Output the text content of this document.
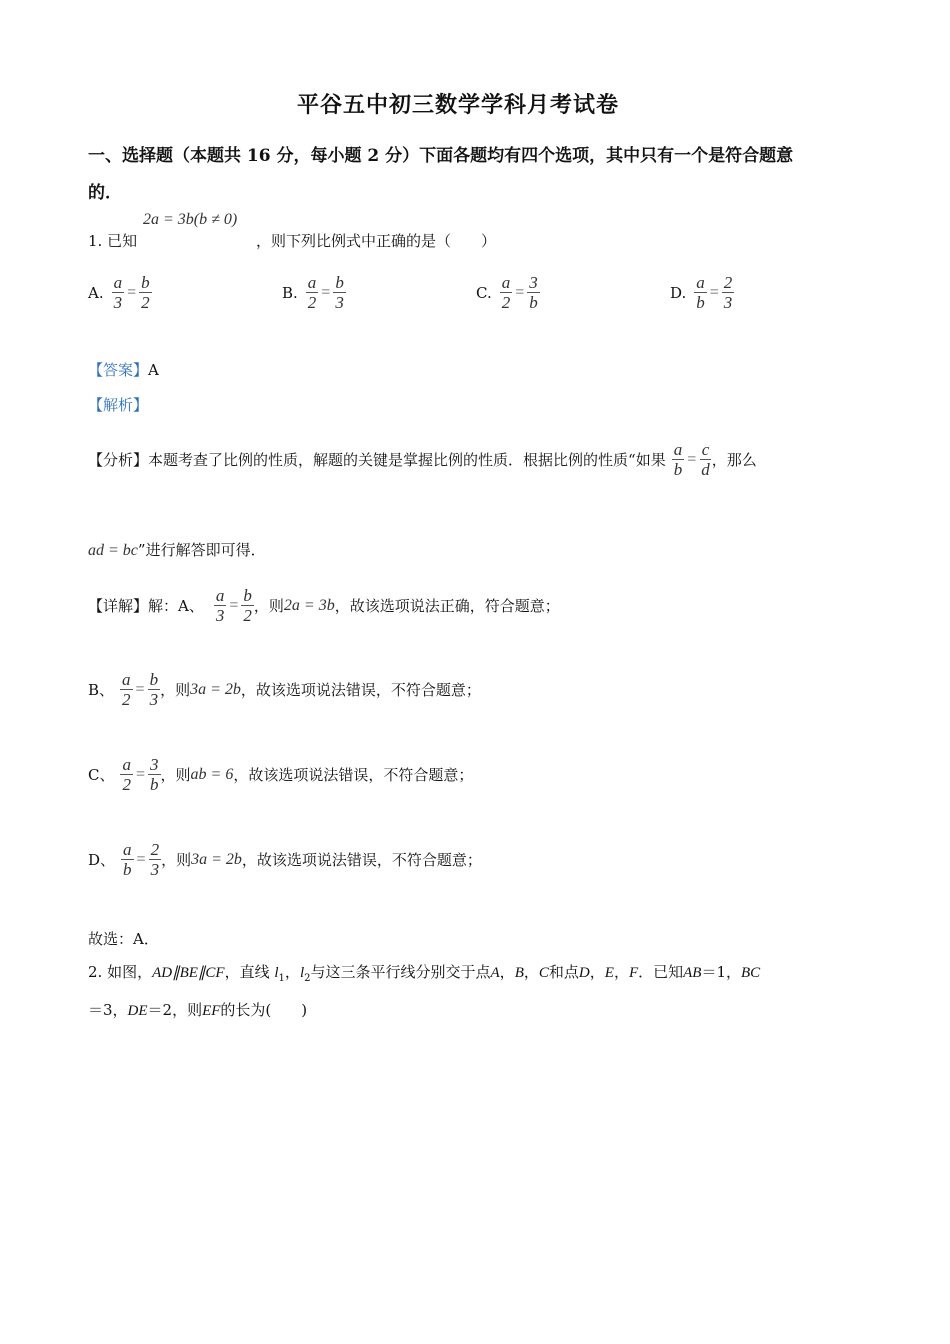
平谷五中初三数学学科月考试卷
一、选择题（本题共 16 分，每小题 2 分）下面各题均有四个选项，其中只有一个是符合题意
的．
2a = 3b(b ≠ 0)
1. 已知	，则下列比例式中正确的是（　　）
A. $\frac{a}{3} = \frac{b}{2}$	B. $\frac{a}{2} = \frac{b}{3}$	C. $\frac{a}{2} = \frac{3}{b}$	D. $\frac{a}{b} = \frac{2}{3}$
【答案】A
【解析】
【分析】 本题考查了比例的性质，解题的关键是掌握比例的性质．根据比例的性质“如果 $\frac{a}{b} = \frac{c}{d}$ ，那么
ad = bc”进行解答即可得．
【详解】 解：A、 $\frac{a}{3} = \frac{b}{2}$ ，则 2a = 3b ，故该选项说法正确，符合题意；
B、 $\frac{a}{2} = \frac{b}{3}$ ，则 3a = 2b ，故该选项说法错误，不符合题意；
C、 $\frac{a}{2} = \frac{3}{b}$ ，则 ab = 6 ，故该选项说法错误，不符合题意；
D、 $\frac{a}{b} = \frac{2}{3}$ ，则 3a = 2b ，故该选项说法错误，不符合题意；
故选：A．
2. 如图，AD∥BE∥CF，直线 $l_1$，$l_2$与这三条平行线分别交于点A，B，C和点D，E，F．已知AB＝1，BC
＝3，DE＝2，则EF的长为(　　)
